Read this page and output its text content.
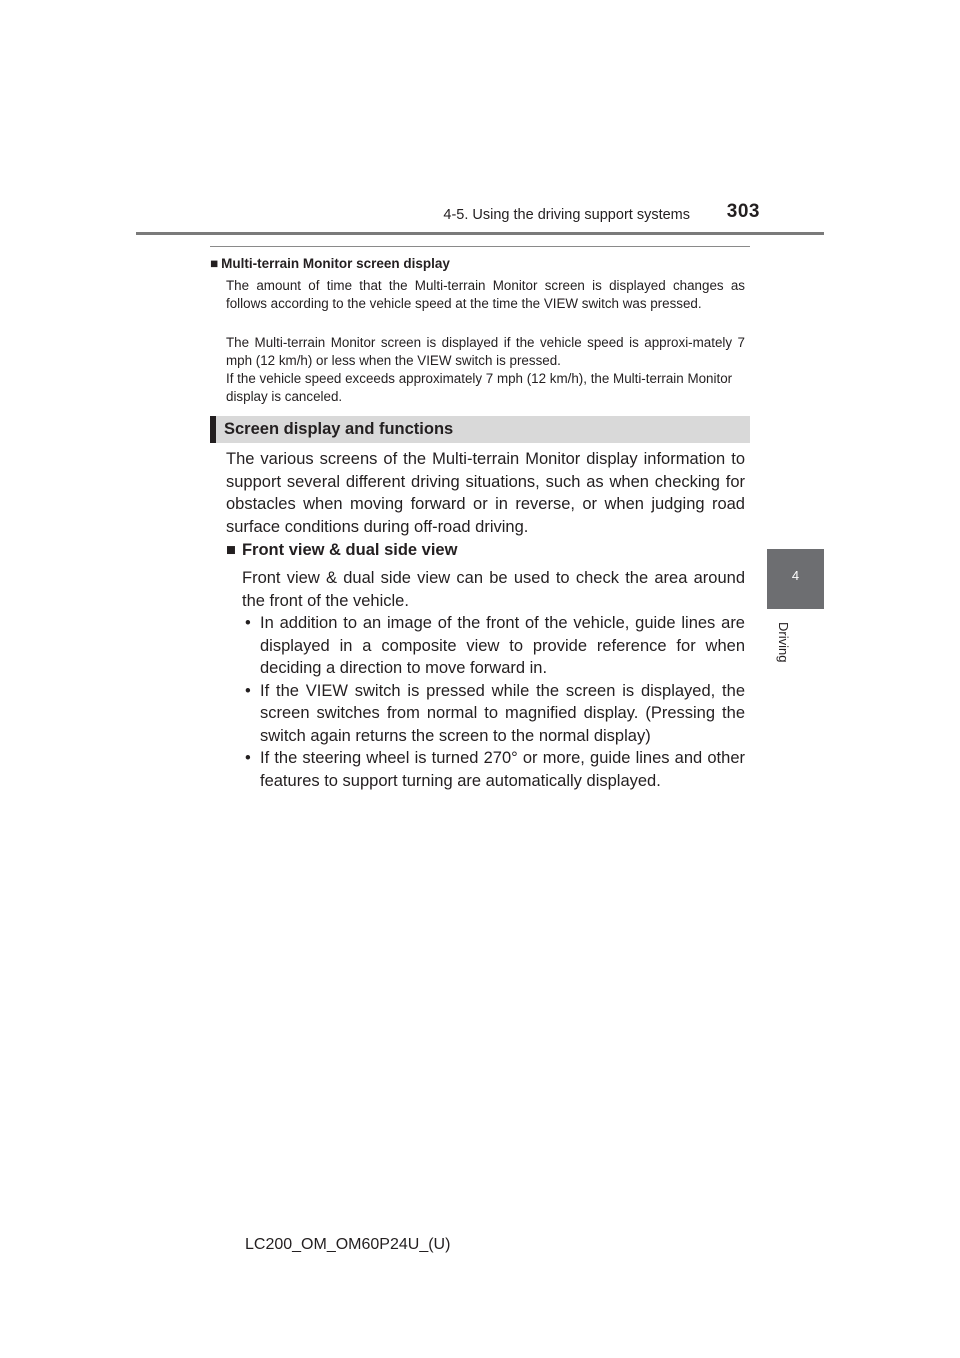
4-5. Using the driving support systems	303
4
Driving
■ Multi-terrain Monitor screen display
The amount of time that the Multi-terrain Monitor screen is displayed changes as follows according to the vehicle speed at the time the VIEW switch was pressed.
The Multi-terrain Monitor screen is displayed if the vehicle speed is approxi-mately 7 mph (12 km/h) or less when the VIEW switch is pressed.
If the vehicle speed exceeds approximately 7 mph (12 km/h), the Multi-terrain Monitor display is canceled.
Screen display and functions
The various screens of the Multi-terrain Monitor display information to support several different driving situations, such as when checking for obstacles when moving forward or in reverse, or when judging road surface conditions during off-road driving.
■ Front view & dual side view
Front view & dual side view can be used to check the area around the front of the vehicle.
• In addition to an image of the front of the vehicle, guide lines are displayed in a composite view to provide reference for when deciding a direction to move forward in.
• If the VIEW switch is pressed while the screen is displayed, the screen switches from normal to magnified display. (Pressing the switch again returns the screen to the normal display)
• If the steering wheel is turned 270° or more, guide lines and other features to support turning are automatically displayed.
LC200_OM_OM60P24U_(U)
